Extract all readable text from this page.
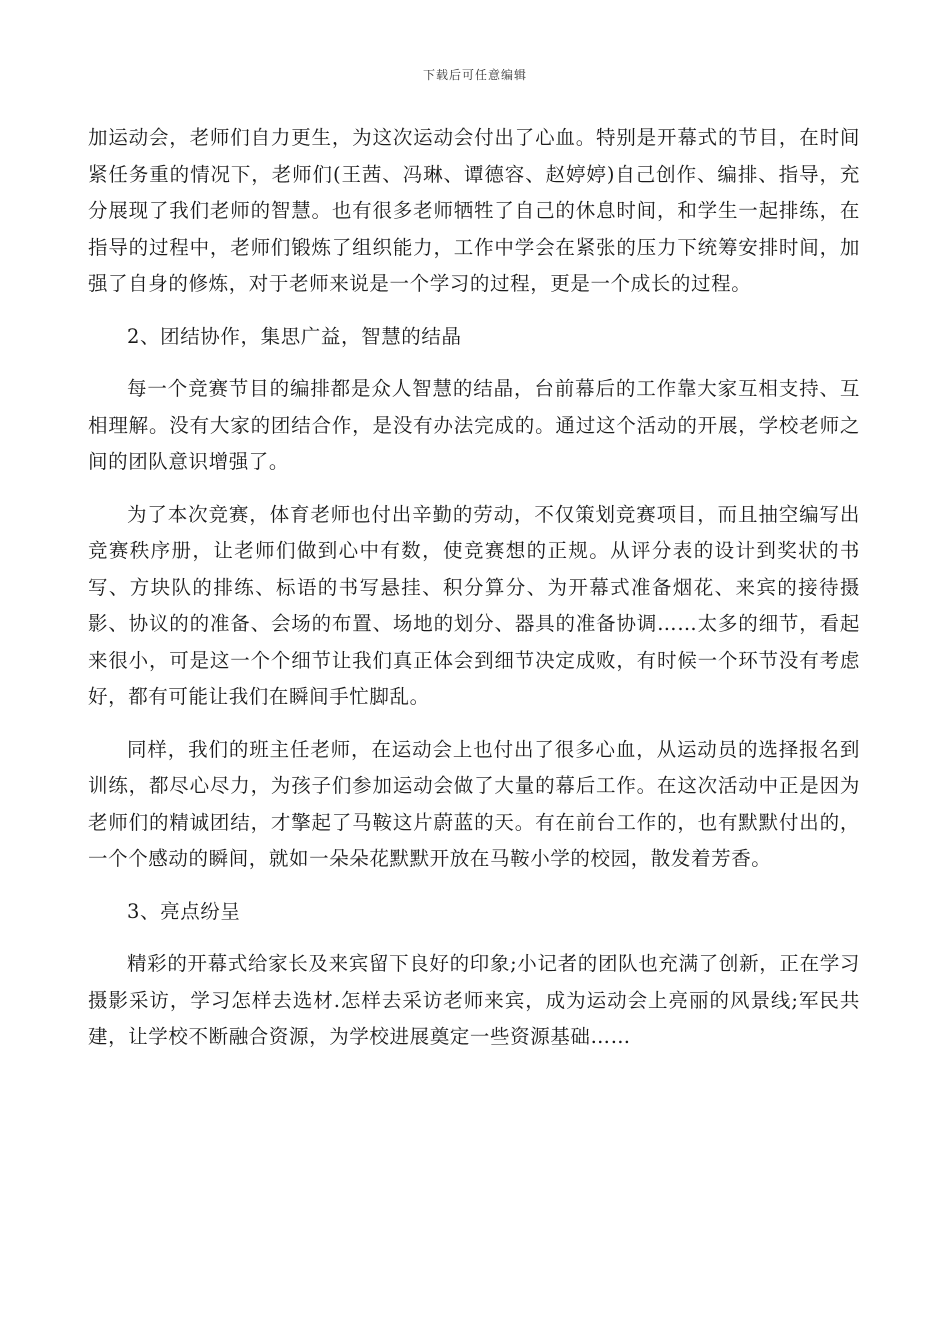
下载后可任意编辑

加运动会，老师们自力更生，为这次运动会付出了心血。特别是开幕式的节目，在时间紧任务重的情况下，老师们(王茜、冯琳、谭德容、赵婷婷)自己创作、编排、指导，充分展现了我们老师的智慧。也有很多老师牺牲了自己的休息时间，和学生一起排练，在指导的过程中，老师们锻炼了组织能力，工作中学会在紧张的压力下统筹安排时间，加强了自身的修炼，对于老师来说是一个学习的过程，更是一个成长的过程。

2、团结协作，集思广益，智慧的结晶

每一个竞赛节目的编排都是众人智慧的结晶，台前幕后的工作靠大家互相支持、互相理解。没有大家的团结合作，是没有办法完成的。通过这个活动的开展，学校老师之间的团队意识增强了。

为了本次竞赛，体育老师也付出辛勤的劳动，不仅策划竞赛项目，而且抽空编写出竞赛秩序册，让老师们做到心中有数，使竞赛想的正规。从评分表的设计到奖状的书写、方块队的排练、标语的书写悬挂、积分算分、为开幕式准备烟花、来宾的接待摄影、协议的的准备、会场的布置、场地的划分、器具的准备协调……太多的细节，看起来很小，可是这一个个细节让我们真正体会到细节决定成败，有时候一个环节没有考虑好，都有可能让我们在瞬间手忙脚乱。

同样，我们的班主任老师，在运动会上也付出了很多心血，从运动员的选择报名到训练，都尽心尽力，为孩子们参加运动会做了大量的幕后工作。在这次活动中正是因为老师们的精诚团结，才擎起了马鞍这片蔚蓝的天。有在前台工作的，也有默默付出的，一个个感动的瞬间，就如一朵朵花默默开放在马鞍小学的校园，散发着芳香。

3、亮点纷呈

精彩的开幕式给家长及来宾留下良好的印象;小记者的团队也充满了创新，正在学习摄影采访，学习怎样去选材.怎样去采访老师来宾，成为运动会上亮丽的风景线;军民共建，让学校不断融合资源，为学校进展奠定一些资源基础……
